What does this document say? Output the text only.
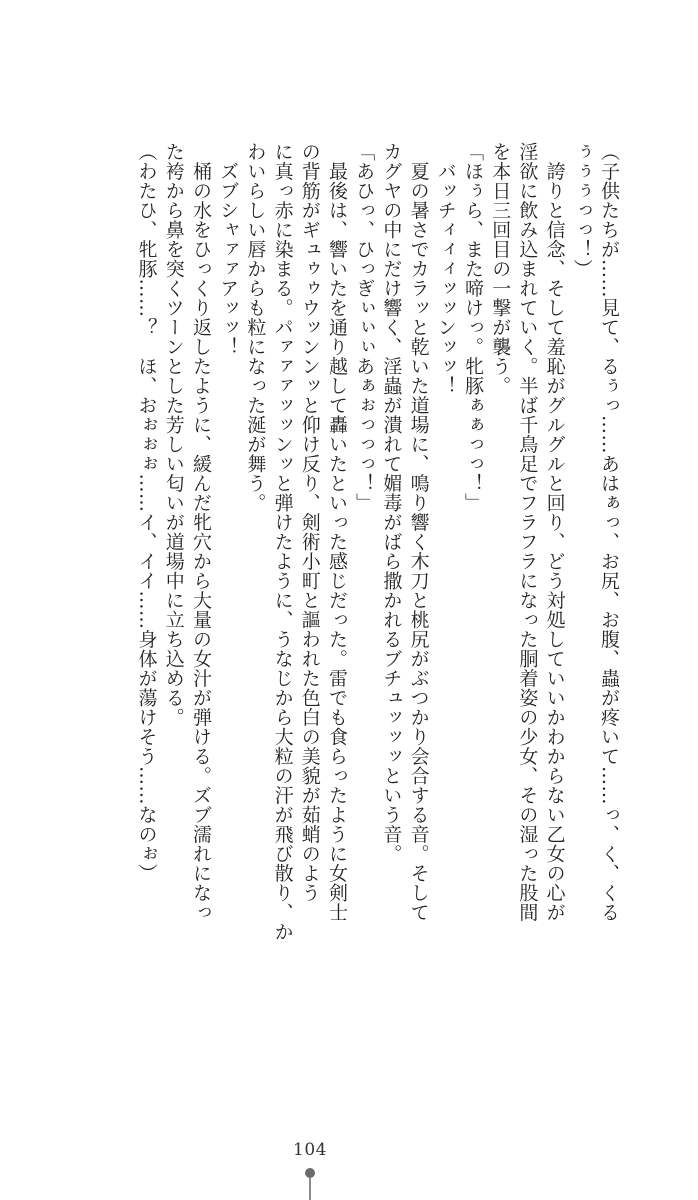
（子供たちが……見て、るぅっ……あはぁっ、お尻、お腹、蟲が疼いて……っ、く、くる
ぅぅぅっっ！）
　誇りと信念、そして羞恥がグルグルと回り、どう対処していいかわからない乙女の心が
淫欲に飲み込まれていく。半ば千鳥足でフラフラになった胴着姿の少女、その湿った股間
を本日三回目の一撃が襲う。
「ほぅら、また啼けっ。牝豚ぁぁっっ！」
　バッチィィィッッンッッ！
　夏の暑さでカラッと乾いた道場に、鳴り響く木刀と桃尻がぶつかり会合する音。そして
カグヤの中にだけ響く、淫蟲が潰れて媚毒がばら撒かれるブチュッッッという音。
「あひっ、ひっぎぃぃぃあぁぉっっっ！」
　最後は、響いたを通り越して轟いたといった感じだった。雷でも食らったように女剣士
の背筋がギュゥゥウッンンッと仰け反り、剣術小町と謳われた色白の美貌が茹蛸のよう
に真っ赤に染まる。パァァァッッンッと弾けたように、うなじから大粒の汗が飛び散り、か
わいらしい唇からも粒になった涎が舞う。
　ズブシャァァアッッ！
　桶の水をひっくり返したように、緩んだ牝穴から大量の女汁が弾ける。ズブ濡れになっ
た袴から鼻を突くツーンとした芳しい匂いが道場中に立ち込める。
（わたひ、牝豚……？　ほ、おぉぉぉ……イ、イイ……身体が蕩けそう……なのぉ）
104
